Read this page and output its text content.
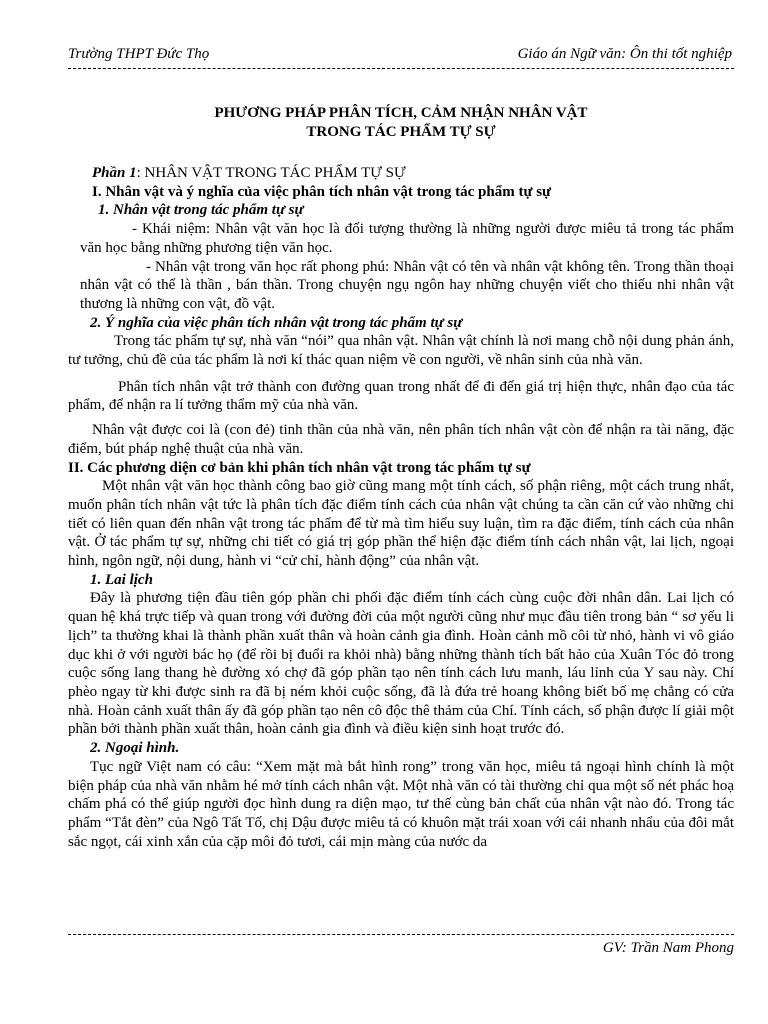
Trường THPT Đức Thọ	Giáo án Ngữ văn: Ôn thi tốt nghiệp

PHƯƠNG PHÁP PHÂN TÍCH, CẢM NHẬN NHÂN VẬT

TRONG TÁC PHẨM TỰ SỰ

Phần 1: NHÂN VẬT TRONG TÁC PHẨM TỰ SỰ

I. Nhân vật và ý nghĩa của việc phân tích nhân vật trong tác phẩm tự sự

1. Nhân vật trong tác phẩm tự sự

- Khái niệm: Nhân vật văn học là đối tượng thường là những người được miêu tả trong tác phẩm văn học bằng những phương tiện văn học.

- Nhân vật trong văn học rất phong phú: Nhân vật có tên và nhân vật không tên. Trong thần thoại nhân vật có thể là thần , bán thần. Trong chuyện ngụ ngôn hay những chuyện viết cho thiếu nhi nhân vật thương là những con vật, đồ vật.

2. Ý nghĩa của việc phân tích nhân vật trong tác phẩm tự sự

Trong tác phẩm tự sự, nhà văn “nói” qua nhân vật. Nhân vật chính là nơi mang chỗ nội dung phản ánh, tư tưởng, chủ đề của tác phẩm là nơi kí thác quan niệm về con người, về nhân sinh của nhà văn.

Phân tích nhân vật trở thành con đường quan trong nhất để đi đến giá trị hiện thực, nhân đạo của tác phẩm, để nhận ra lí tưởng thẩm mỹ của nhà văn.

Nhân vật được coi là (con đẻ) tinh thần của nhà văn, nên phân tích nhân vật còn để nhận ra tài năng, đặc điểm, bút pháp nghệ thuật của nhà văn.

II. Các phương diện cơ bản khi phân tích nhân vật trong tác phẩm tự sự

Một nhân vật văn học thành công bao giờ cũng mang một tính cách, số phận riêng, một cách trung nhất, muốn phân tích nhân vật tức là phân tích đặc điểm tính cách của nhân vật chúng ta cần căn cứ vào những chi tiết có liên quan đến nhân vật trong tác phẩm để từ mà tìm hiểu suy luận, tìm ra đặc điểm, tính cách của nhân vật. Ở tác phẩm tự sự, những chi tiết có giá trị góp phần thể hiện đặc điểm tính cách nhân vật, lai lịch, ngoại hình, ngôn ngữ, nội dung, hành vi “cử chỉ, hành động” của nhân vật.

1. Lai lịch

Đây là phương tiện đầu tiên góp phần chi phối đặc điểm tính cách cùng cuộc đời nhân dân. Lai lịch có quan hệ khá trực tiếp và quan trong với đường đời của một người cũng như mục đầu tiên trong bản “ sơ yếu li lịch” ta thường khai là thành phần xuất thân và hoàn cảnh gia đình. Hoàn cảnh mồ côi từ nhỏ, hành vi vô giáo dục khi ở với người bác họ (để rồi bị đuổi ra khỏi nhà) bằng những thành tích bất hảo của Xuân Tóc đỏ trong cuộc sống lang thang hè đường xó chợ đã góp phần tạo nên tính cách lưu manh, láu lỉnh của Y sau này. Chí phèo ngay từ khi được sinh ra đã bị ném khỏi cuộc sống, đã là đứa trẻ hoang không biết bố mẹ chẳng có cửa nhà. Hoàn cảnh xuất thân ấy đã góp phần tạo nên cô độc thê thảm của Chí. Tính cách, số phận được lí giải một phần bởi thành phần xuất thân, hoàn cảnh gia đình và điều kiện sinh hoạt trước đó.

2. Ngoại hình.

Tục ngữ Việt nam có câu: “Xem mặt mà bắt hình rong” trong văn học, miêu tả ngoại hình chính là một biện pháp của nhà văn nhằm hé mở tính cách nhân vật. Một nhà văn có tài thường chỉ qua một số nét phác hoạ chấm phá có thể giúp người đọc hình dung ra diện mạo, tư thế cùng bản chất của nhân vật nào đó. Trong tác phẩm “Tắt đèn” của Ngô Tất Tố, chị Dậu được miêu tả có khuôn mặt trái xoan với cái nhanh nhẩu của đôi mắt sắc ngọt, cái xinh xắn của cặp môi đỏ tươi, cái mịn màng của nước da

GV: Trần Nam Phong
